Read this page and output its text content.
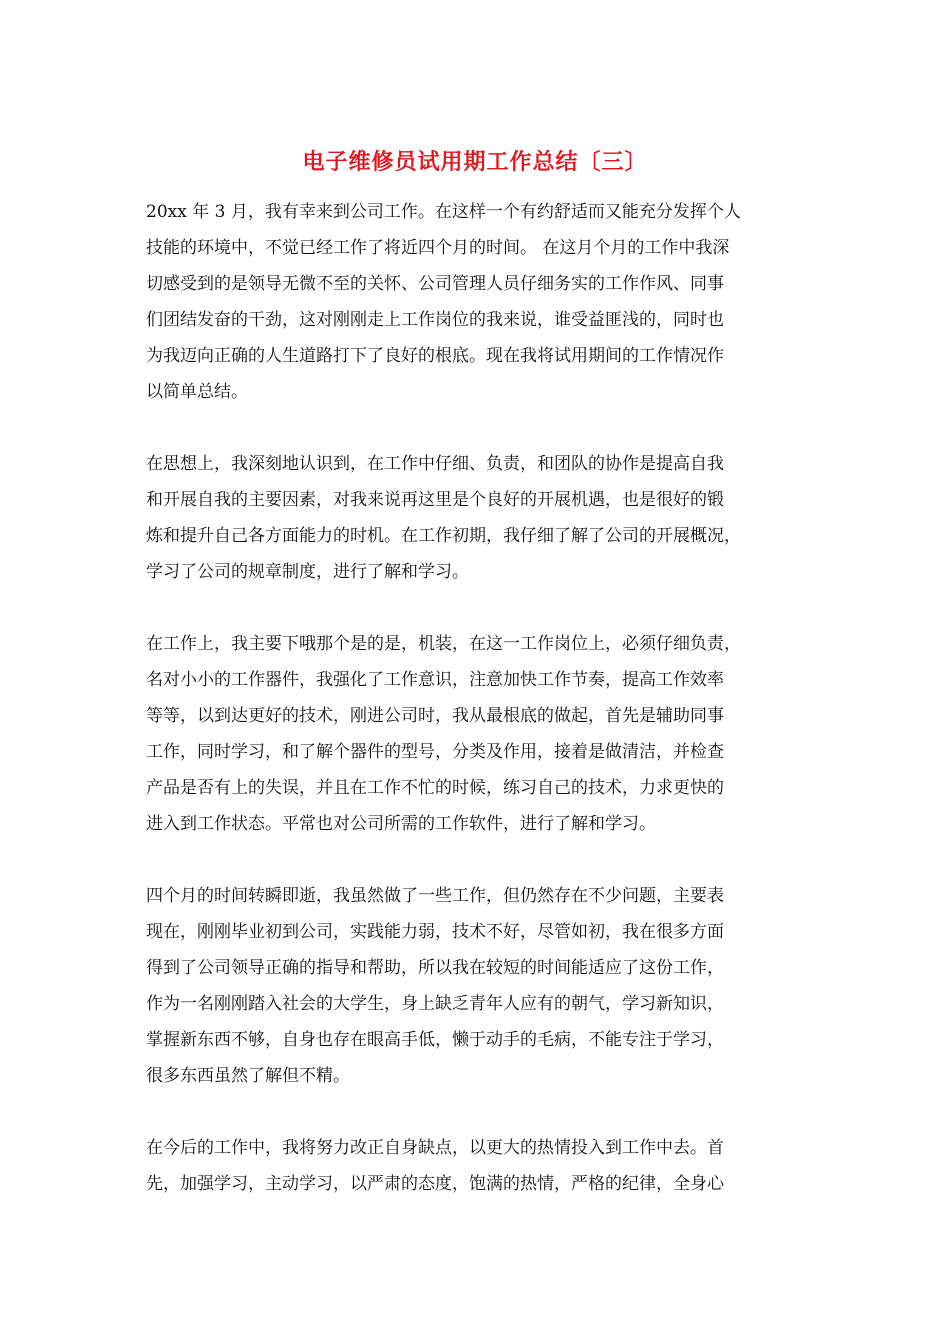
电子维修员试用期工作总结〔三〕

20xx 年 3 月，我有幸来到公司工作。在这样一个有约舒适而又能充分发挥个人
技能的环境中，不觉已经工作了将近四个月的时间。 在这月个月的工作中我深
切感受到的是领导无微不至的关怀、公司管理人员仔细务实的工作作风、同事
们团结发奋的干劲，这对刚刚走上工作岗位的我来说，谁受益匪浅的，同时也
为我迈向正确的人生道路打下了良好的根底。现在我将试用期间的工作情况作
以简单总结。

在思想上，我深刻地认识到，在工作中仔细、负责，和团队的协作是提高自我
和开展自我的主要因素，对我来说再这里是个良好的开展机遇，也是很好的锻
炼和提升自己各方面能力的时机。在工作初期，我仔细了解了公司的开展概况，
学习了公司的规章制度，进行了解和学习。

在工作上，我主要下哦那个是的是，机装，在这一工作岗位上，必须仔细负责，
名对小小的工作器件，我强化了工作意识，注意加快工作节奏，提高工作效率
等等，以到达更好的技术，刚进公司时，我从最根底的做起，首先是辅助同事
工作，同时学习，和了解个器件的型号，分类及作用，接着是做清洁，并检查
产品是否有上的失误，并且在工作不忙的时候，练习自己的技术，力求更快的
进入到工作状态。平常也对公司所需的工作软件，进行了解和学习。

四个月的时间转瞬即逝，我虽然做了一些工作，但仍然存在不少问题，主要表
现在，刚刚毕业初到公司，实践能力弱，技术不好，尽管如初，我在很多方面
得到了公司领导正确的指导和帮助，所以我在较短的时间能适应了这份工作，
作为一名刚刚踏入社会的大学生，身上缺乏青年人应有的朝气，学习新知识，
掌握新东西不够，自身也存在眼高手低，懒于动手的毛病，不能专注于学习，
很多东西虽然了解但不精。

在今后的工作中，我将努力改正自身缺点，以更大的热情投入到工作中去。首
先，加强学习，主动学习，以严肃的态度，饱满的热情，严格的纪律，全身心
